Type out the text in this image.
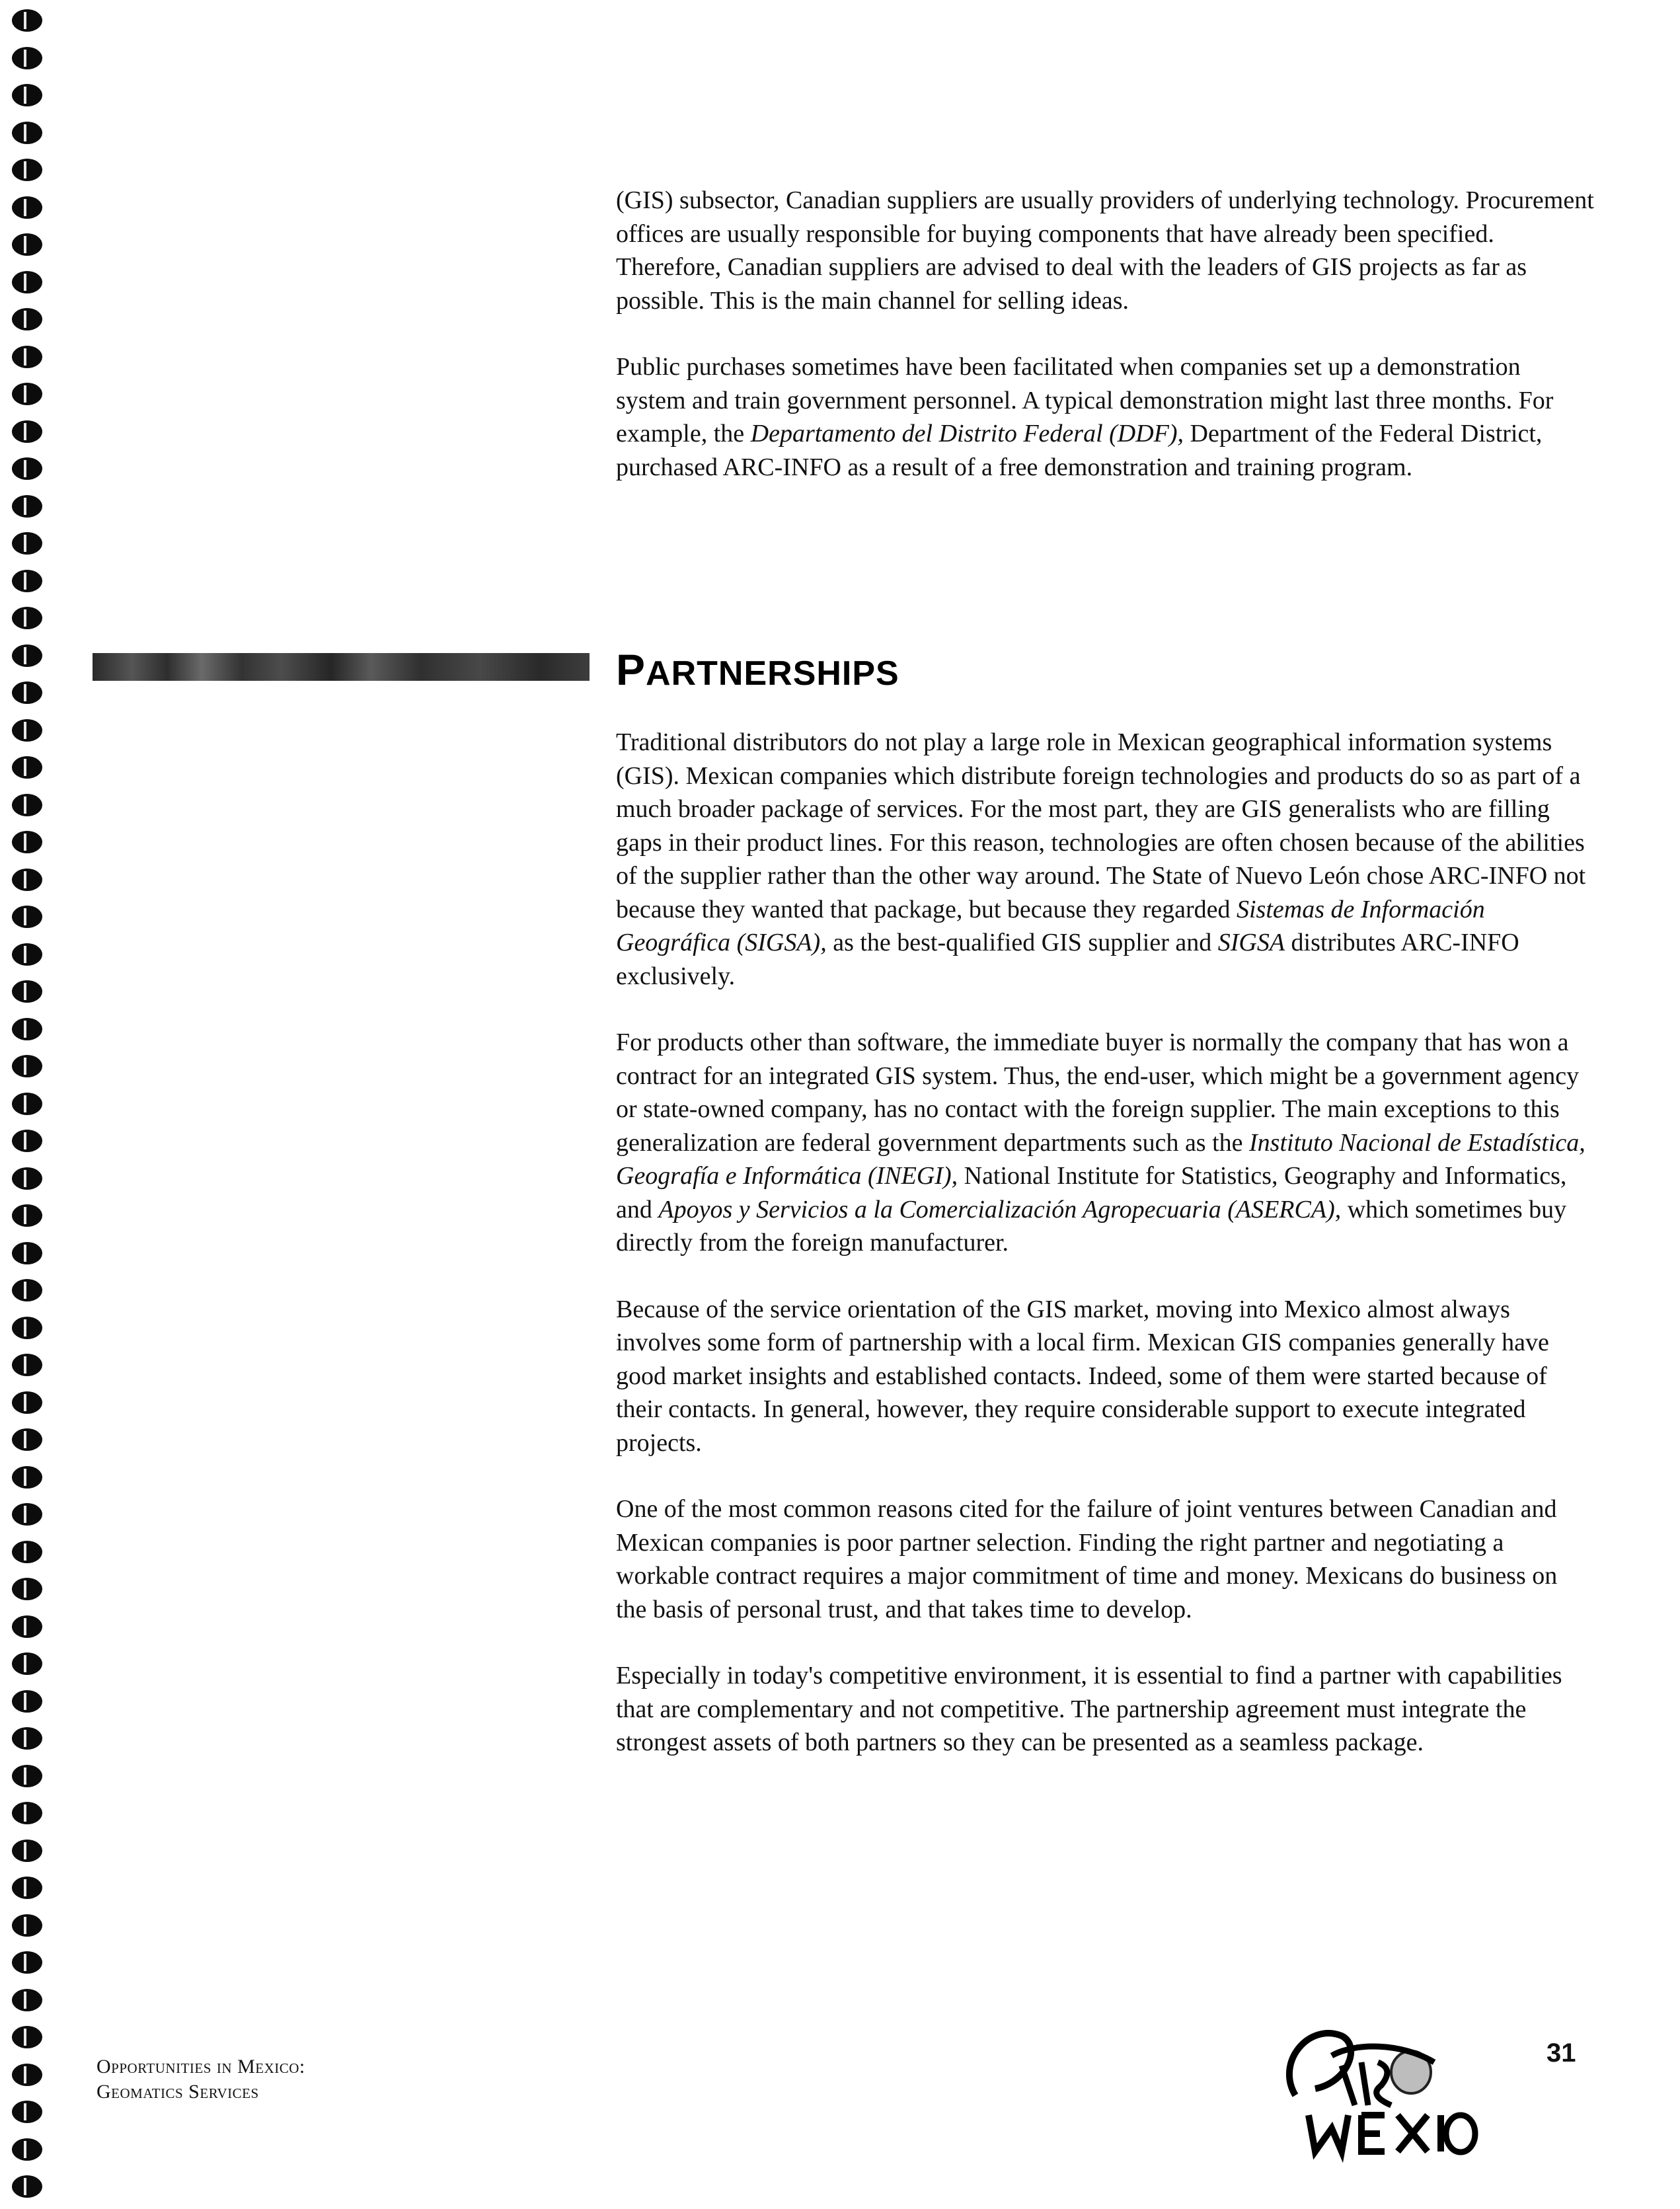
(GIS) subsector, Canadian suppliers are usually providers of underlying technology. Procurement offices are usually responsible for buying components that have already been specified. Therefore, Canadian suppliers are advised to deal with the leaders of GIS projects as far as possible. This is the main channel for selling ideas.

Public purchases sometimes have been facilitated when companies set up a demonstration system and train government personnel. A typical demonstration might last three months. For example, the Departamento del Distrito Federal (DDF), Department of the Federal District, purchased ARC-INFO as a result of a free demonstration and training program.

PARTNERSHIPS

Traditional distributors do not play a large role in Mexican geographical information systems (GIS). Mexican companies which distribute foreign technologies and products do so as part of a much broader package of services. For the most part, they are GIS generalists who are filling gaps in their product lines. For this reason, technologies are often chosen because of the abilities of the supplier rather than the other way around. The State of Nuevo León chose ARC-INFO not because they wanted that package, but because they regarded Sistemas de Información Geográfica (SIGSA), as the best-qualified GIS supplier and SIGSA distributes ARC-INFO exclusively.

For products other than software, the immediate buyer is normally the company that has won a contract for an integrated GIS system. Thus, the end-user, which might be a government agency or state-owned company, has no contact with the foreign supplier. The main exceptions to this generalization are federal government departments such as the Instituto Nacional de Estadística, Geografía e Informática (INEGI), National Institute for Statistics, Geography and Informatics, and Apoyos y Servicios a la Comercialización Agropecuaria (ASERCA), which sometimes buy directly from the foreign manufacturer.

Because of the service orientation of the GIS market, moving into Mexico almost always involves some form of partnership with a local firm. Mexican GIS companies generally have good market insights and established contacts. Indeed, some of them were started because of their contacts. In general, however, they require considerable support to execute integrated projects.

One of the most common reasons cited for the failure of joint ventures between Canadian and Mexican companies is poor partner selection. Finding the right partner and negotiating a workable contract requires a major commitment of time and money. Mexicans do business on the basis of personal trust, and that takes time to develop.

Especially in today's competitive environment, it is essential to find a partner with capabilities that are complementary and not competitive. The partnership agreement must integrate the strongest assets of both partners so they can be presented as a seamless package.

Opportunities in Mexico:
Geomatics Services
31
